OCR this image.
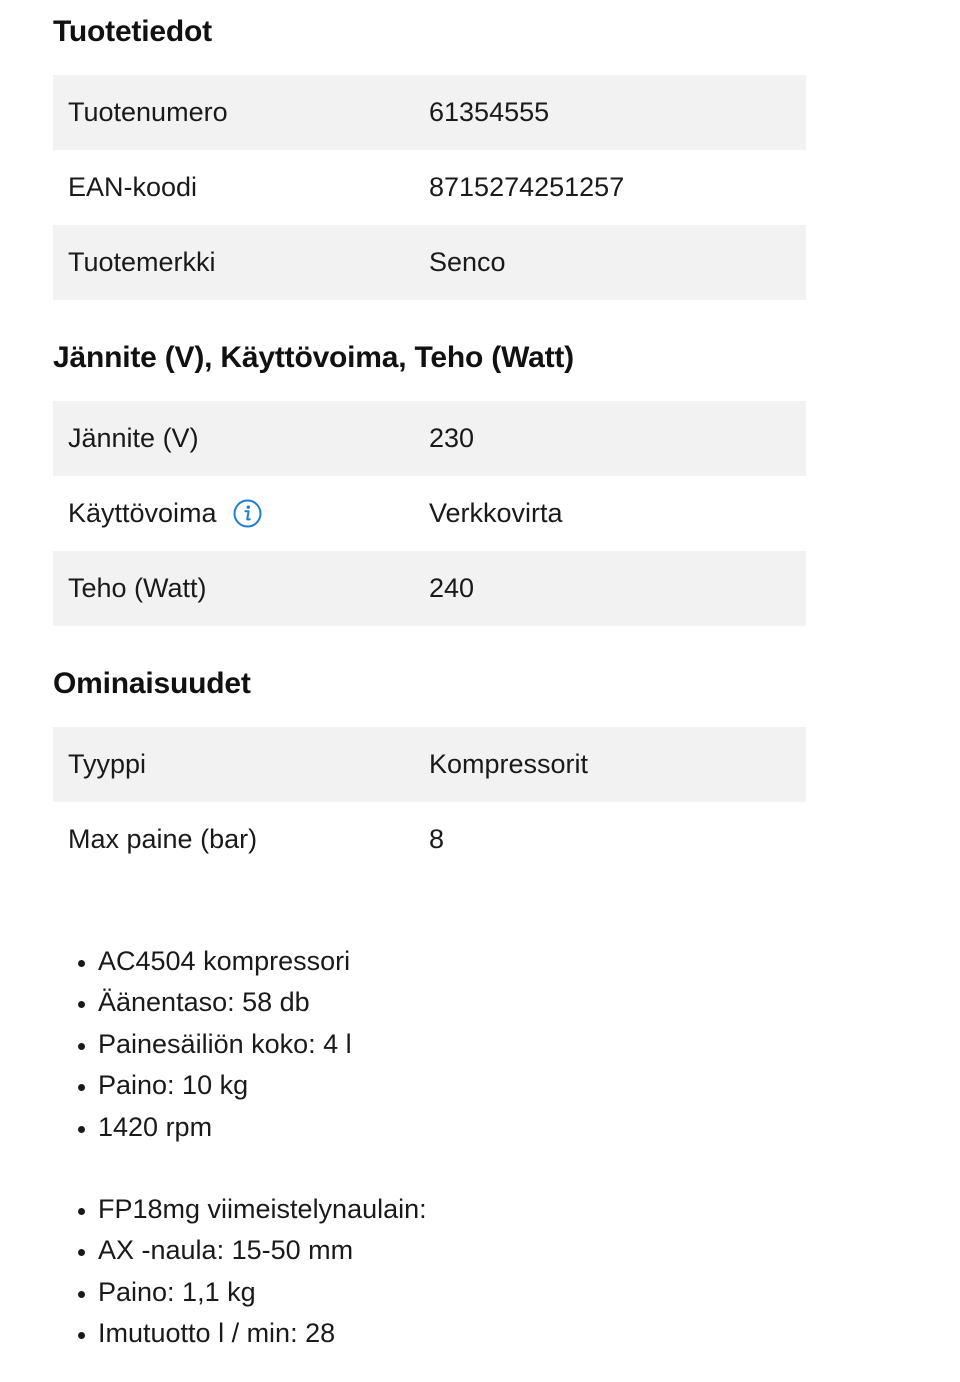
Tuotetiedot
Tuotenumero	61354555
EAN-koodi	8715274251257
Tuotemerkki	Senco
Jännite (V), Käyttövoima, Teho (Watt)
Jännite (V)	230
Käyttövoima	Verkkovirta
Teho (Watt)	240
Ominaisuudet
Tyyppi	Kompressorit
Max paine (bar)	8
• AC4504 kompressori
• Äänentaso: 58 db
• Painesäiliön koko: 4 l
• Paino: 10 kg
• 1420 rpm
• FP18mg viimeistelynaulain:
• AX -naula: 15-50 mm
• Paino: 1,1 kg
• Imutuotto l / min: 28
